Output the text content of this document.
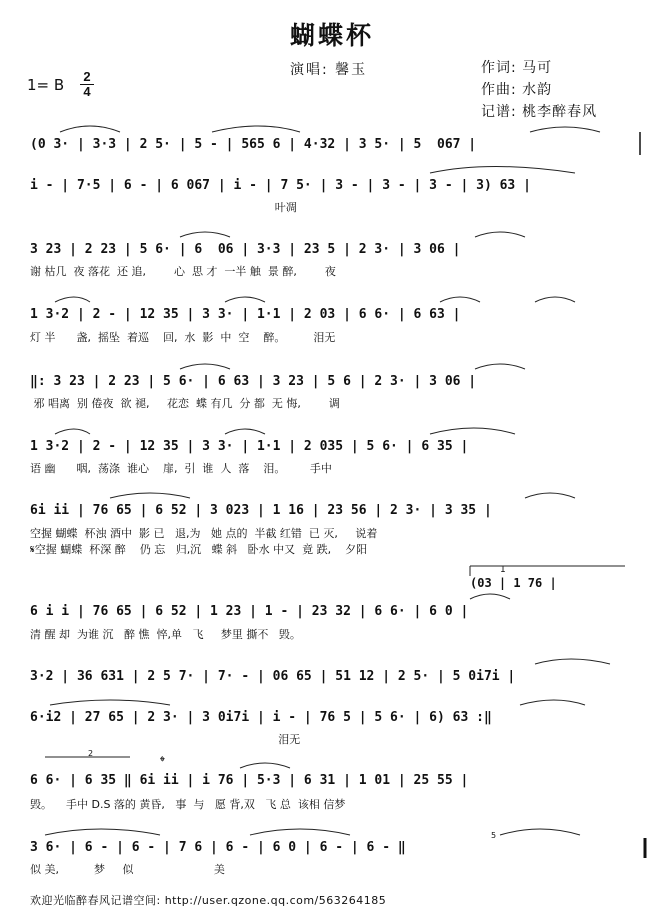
蝴蝶杯
演唱: 馨玉
1= B $\frac{2}{4}$
作词: 马可
作曲: 水韵
记谱: 桃李醉春风
(0 3· | 3·3 | 2 5· | 5 - | 565 6 | 4·32 | 3 5· | 5  067 |
i - | 7·5 | 6 - | 6 067 | i - | 7 5· | 3 - | 3 - | 3 - | 3) 63 |
叶凋
3 23 | 2 23 | 5 6· | 6  06 | 3·3 | 23 5 | 2 3· | 3 06 |
谢 枯几  夜 落花  还 追,        心  思 才  一半 触  景 醉,        夜
1 3·2 | 2 - | 12 35 | 3 3· | 1·1 | 2 03 | 6 6· | 6 63 |
灯 半      盏,  摇坠  着巡    回,  水  影  中  空    醉。        泪无
‖: 3 23 | 2 23 | 5 6· | 6 63 | 3 23 | 5 6 | 2 3· | 3 06 |
邪 唱离  别 倦夜  欲 褪,     花恋  蝶 有几  分 都  无 悔,        调
1 3·2 | 2 - | 12 35 | 3 3· | 1·1 | 2 035 | 5 6· | 6 35 |
语 幽      咽,  荡涤  谁心    扉,  引  谁  人  落    泪。       手中
6i ii | 76 65 | 6 52 | 3 023 | 1 16 | 23 56 | 2 3· | 3 35 |
空握 蝴蝶  杯浊 酒中  影 已   退,为   她 点的  半截 红错  已 灭,     说着
𝄋空握 蝴蝶  杯深 醉    仍 忘   归,沉   蝶 斜   卧水 中又  竟 跌,    夕阳
(03 | 1 76 |
1
6 i i | 76 65 | 6 52 | 1 23 | 1 - | 23 32 | 6 6· | 6 0 |
清 醒 却  为谁 沉   醉 憔  悴,单   飞     梦里 撕不   毁。
3·2 | 36 631 | 2 5 7· | 7· - | 06 65 | 51 12 | 2 5· | 5 0i7i |
6·i2 | 27 65 | 2 3· | 3 0i7i | i - | 76 5 | 5 6· | 6) 63 :‖
泪无
2
𝄌
6 6· | 6 35 ‖ 6i ii | i 76 | 5·3 | 6 31 | 1 01 | 25 55 |
毁。    手中 D.S 落的 黄昏,   事  与   愿 背,双   飞 总  该相 信梦
5
3 6· | 6 - | 6 - | 7 6 | 6 - | 6 0 | 6 - | 6 - ‖
似 美,          梦     似                       美
欢迎光临醉春风记谱空间: http://user.qzone.qq.com/563264185
